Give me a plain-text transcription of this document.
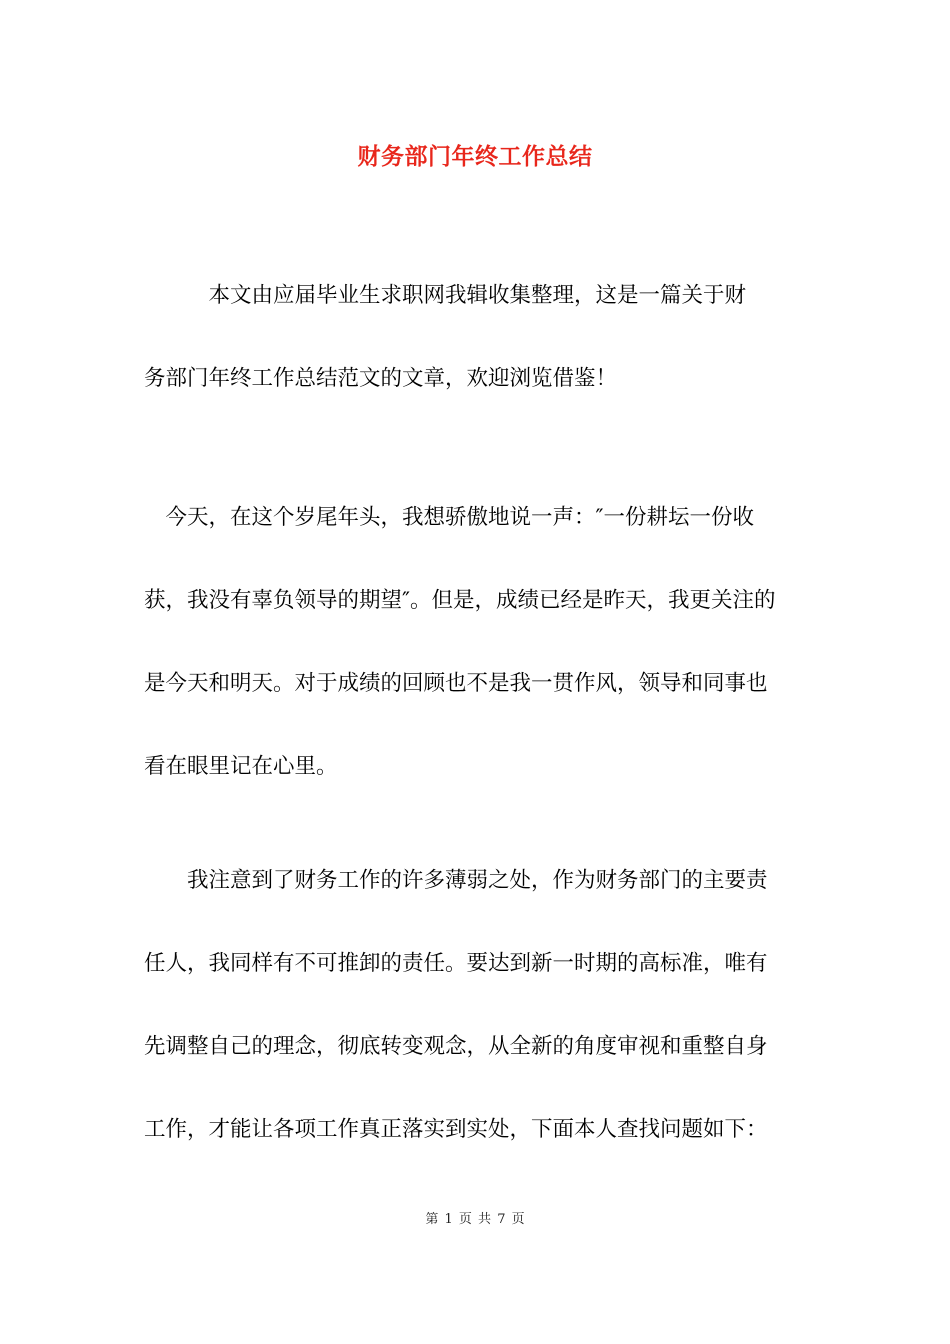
财务部门年终工作总结
　　　本文由应届毕业生求职网我辑收集整理，这是一篇关于财
务部门年终工作总结范文的文章，欢迎浏览借鉴！
　今天，在这个岁尾年头，我想骄傲地说一声：″一份耕坛一份收
获，我没有辜负领导的期望″。但是，成绩已经是昨天，我更关注的
是今天和明天。对于成绩的回顾也不是我一贯作风，领导和同事也
看在眼里记在心里。
　　我注意到了财务工作的许多薄弱之处，作为财务部门的主要责
任人，我同样有不可推卸的责任。要达到新一时期的高标准，唯有
先调整自己的理念，彻底转变观念，从全新的角度审视和重整自身
工作，才能让各项工作真正落实到实处，下面本人查找问题如下：
第 1 页 共 7 页
